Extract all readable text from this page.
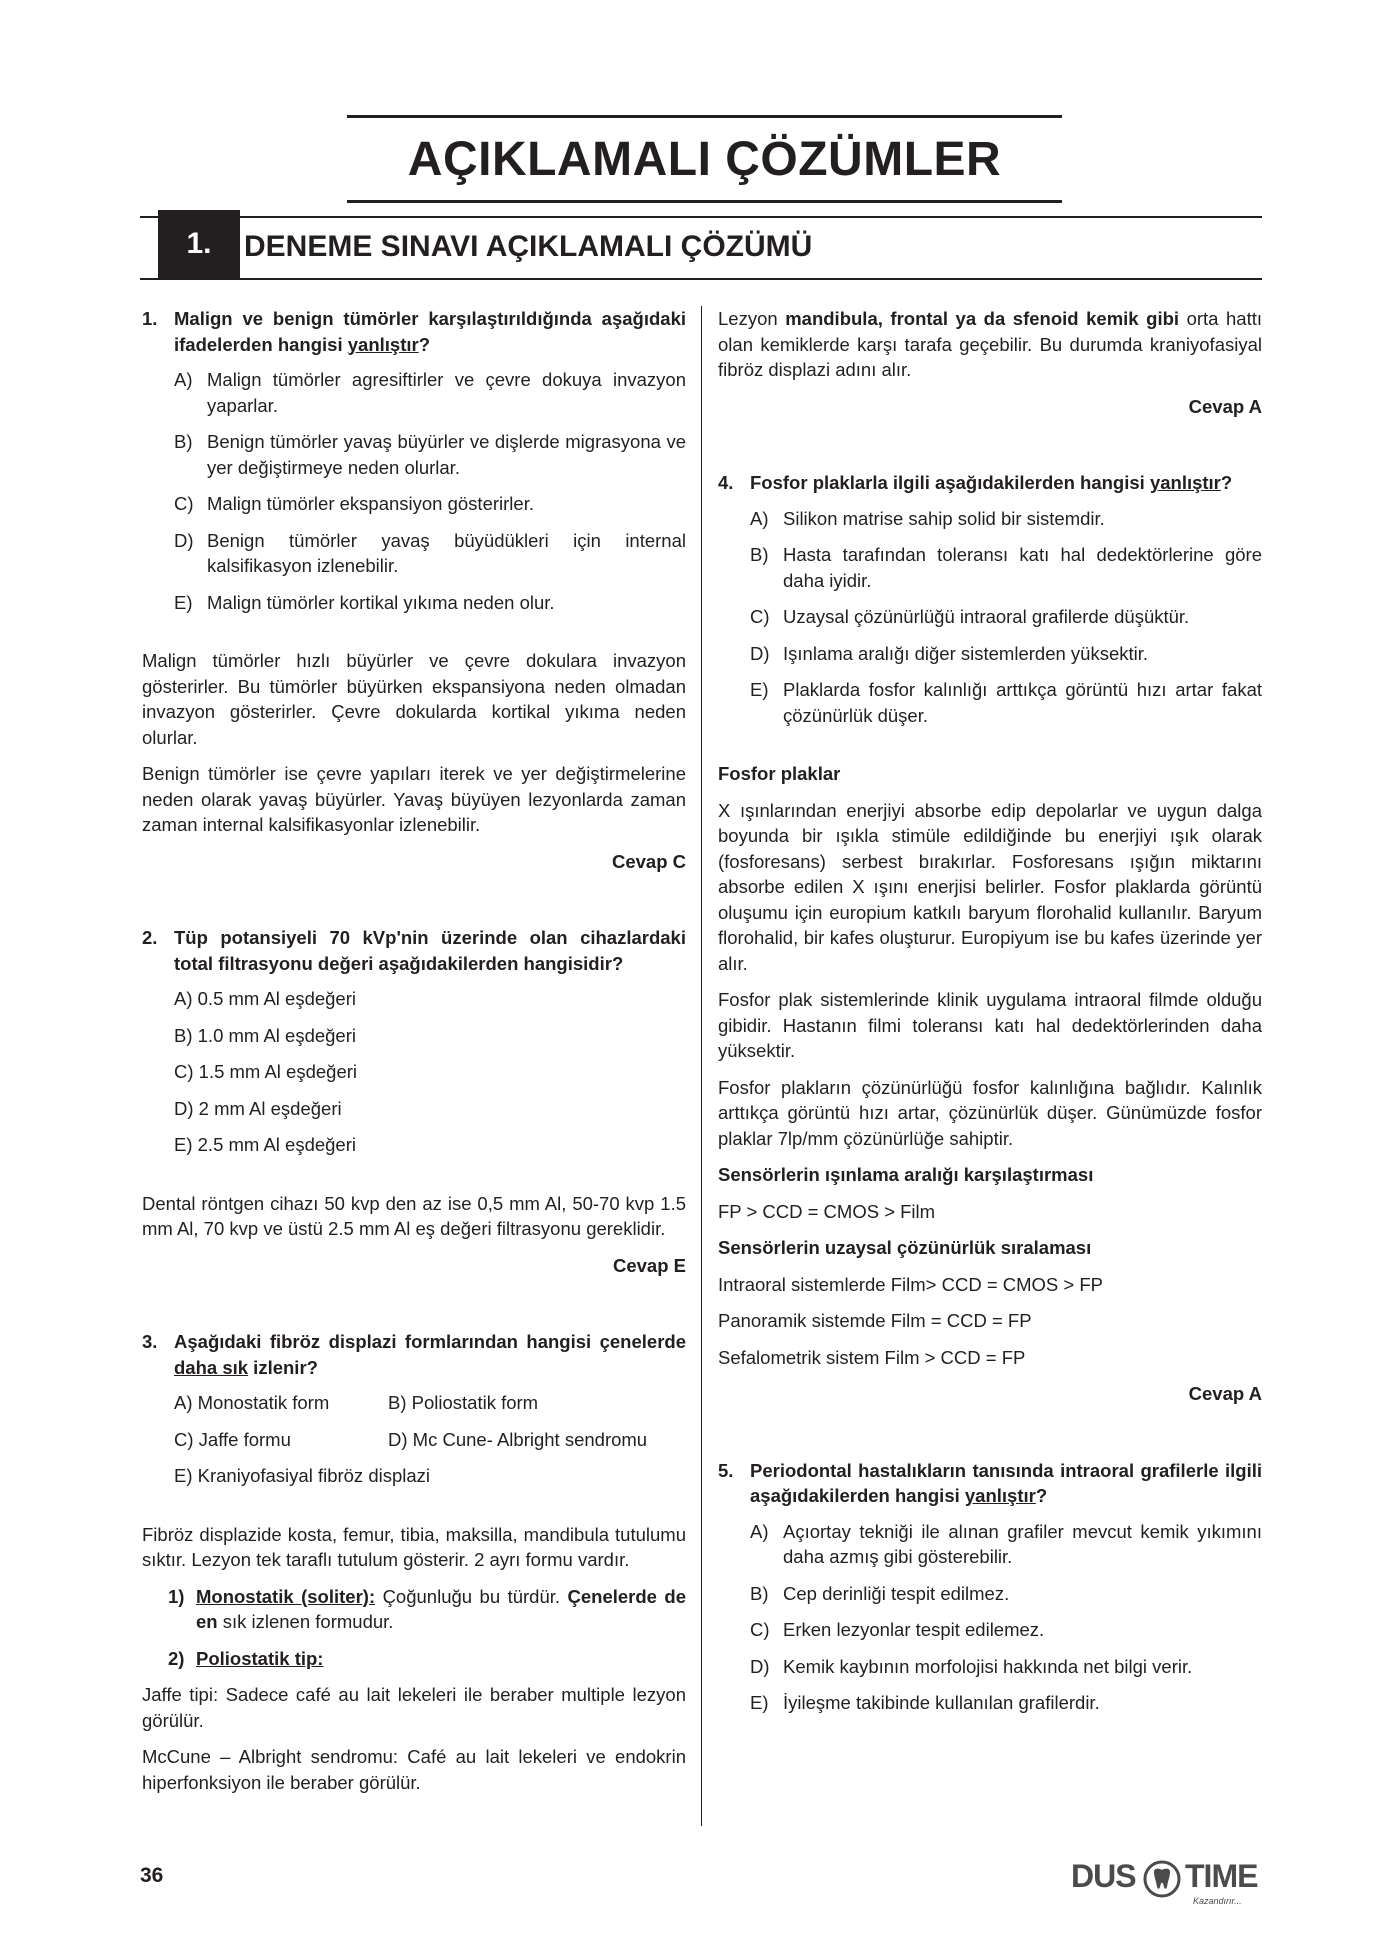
AÇIKLAMALI ÇÖZÜMLER
1.	DENEME SINAVI AÇIKLAMALI ÇÖZÜMÜ
1. Malign ve benign tümörler karşılaştırıldığında aşağıdaki ifadelerden hangisi yanlıştır?
A) Malign tümörler agresiftirler ve çevre dokuya invazyon yaparlar.
B) Benign tümörler yavaş büyürler ve dişlerde migrasyona ve yer değiştirmeye neden olurlar.
C) Malign tümörler ekspansiyon gösterirler.
D) Benign tümörler yavaş büyüdükleri için internal kalsifikasyon izlenebilir.
E) Malign tümörler kortikal yıkıma neden olur.

Malign tümörler hızlı büyürler ve çevre dokulara invazyon gösterirler. Bu tümörler büyürken ekspansiyona neden olmadan invazyon gösterirler. Çevre dokularda kortikal yıkıma neden olurlar.

Benign tümörler ise çevre yapıları iterek ve yer değiştirmelerine neden olarak yavaş büyürler. Yavaş büyüyen lezyonlarda zaman zaman internal kalsifikasyonlar izlenebilir.

Cevap C
2. Tüp potansiyeli 70 kVp'nin üzerinde olan cihazlardaki total filtrasyonu değeri aşağıdakilerden hangisidir?
A) 0.5 mm Al eşdeğeri
B) 1.0 mm Al eşdeğeri
C) 1.5 mm Al eşdeğeri
D) 2 mm Al eşdeğeri
E) 2.5 mm Al eşdeğeri

Dental röntgen cihazı 50 kvp den az ise 0,5 mm Al, 50-70 kvp 1.5 mm Al, 70 kvp ve üstü 2.5 mm Al eş değeri filtrasyonu gereklidir.

Cevap E
3. Aşağıdaki fibröz displazi formlarından hangisi çenelerde daha sık izlenir?
A) Monostatik form	B) Poliostatik form
C) Jaffe formu	D) Mc Cune- Albright sendromu
E) Kraniyofasiyal fibröz displazi

Fibröz displazide kosta, femur, tibia, maksilla, mandibula tutulumu sıktır. Lezyon tek taraflı tutulum gösterir. 2 ayrı formu vardır.

1) Monostatik (soliter): Çoğunluğu bu türdür. Çenelerde de en sık izlenen formudur.
2) Poliostatik tip:

Jaffe tipi: Sadece café au lait lekeleri ile beraber multiple lezyon görülür.

McCune – Albright sendromu: Café au lait lekeleri ve endokrin hiperfonksiyon ile beraber görülür.

Lezyon mandibula, frontal ya da sfenoid kemik gibi orta hattı olan kemiklerde karşı tarafa geçebilir. Bu durumda kraniyofasiyal fibröz displazi adını alır.

Cevap A
4. Fosfor plaklarla ilgili aşağıdakilerden hangisi yanlıştır?
A) Silikon matrise sahip solid bir sistemdir.
B) Hasta tarafından toleransı katı hal dedektörlerine göre daha iyidir.
C) Uzaysal çözünürlüğü intraoral grafilerde düşüktür.
D) Işınlama aralığı diğer sistemlerden yüksektir.
E) Plaklarda fosfor kalınlığı arttıkça görüntü hızı artar fakat çözünürlük düşer.
Fosfor plaklar

X ışınlarından enerjiyi absorbe edip depolarlar ve uygun dalga boyunda bir ışıkla stimüle edildiğinde bu enerjiyi ışık olarak (fosforesans) serbest bırakırlar. Fosforesans ışığın miktarını absorbe edilen X ışını enerjisi belirler. Fosfor plaklarda görüntü oluşumu için europium katkılı baryum florohalid kullanılır. Baryum florohalid, bir kafes oluşturur. Europiyum ise bu kafes üzerinde yer alır.

Fosfor plak sistemlerinde klinik uygulama intraoral filmde olduğu gibidir. Hastanın filmi toleransı katı hal dedektörlerinden daha yüksektir.

Fosfor plakların çözünürlüğü fosfor kalınlığına bağlıdır. Kalınlık arttıkça görüntü hızı artar, çözünürlük düşer. Günümüzde fosfor plaklar 7lp/mm çözünürlüğe sahiptir.

Sensörlerin ışınlama aralığı karşılaştırması

FP > CCD = CMOS > Film

Sensörlerin uzaysal çözünürlük sıralaması

Intraoral sistemlerde Film> CCD = CMOS > FP

Panoramik sistemde Film = CCD = FP

Sefalometrik sistem Film > CCD = FP

Cevap A
5. Periodontal hastalıkların tanısında intraoral grafilerle ilgili aşağıdakilerden hangisi yanlıştır?
A) Açıortay tekniği ile alınan grafiler mevcut kemik yıkımını daha azmış gibi gösterebilir.
B) Cep derinliği tespit edilmez.
C) Erken lezyonlar tespit edilemez.
D) Kemik kaybının morfolojisi hakkında net bilgi verir.
E) İyileşme takibinde kullanılan grafilerdir.
36	DUS TIME
Kazandırır...
